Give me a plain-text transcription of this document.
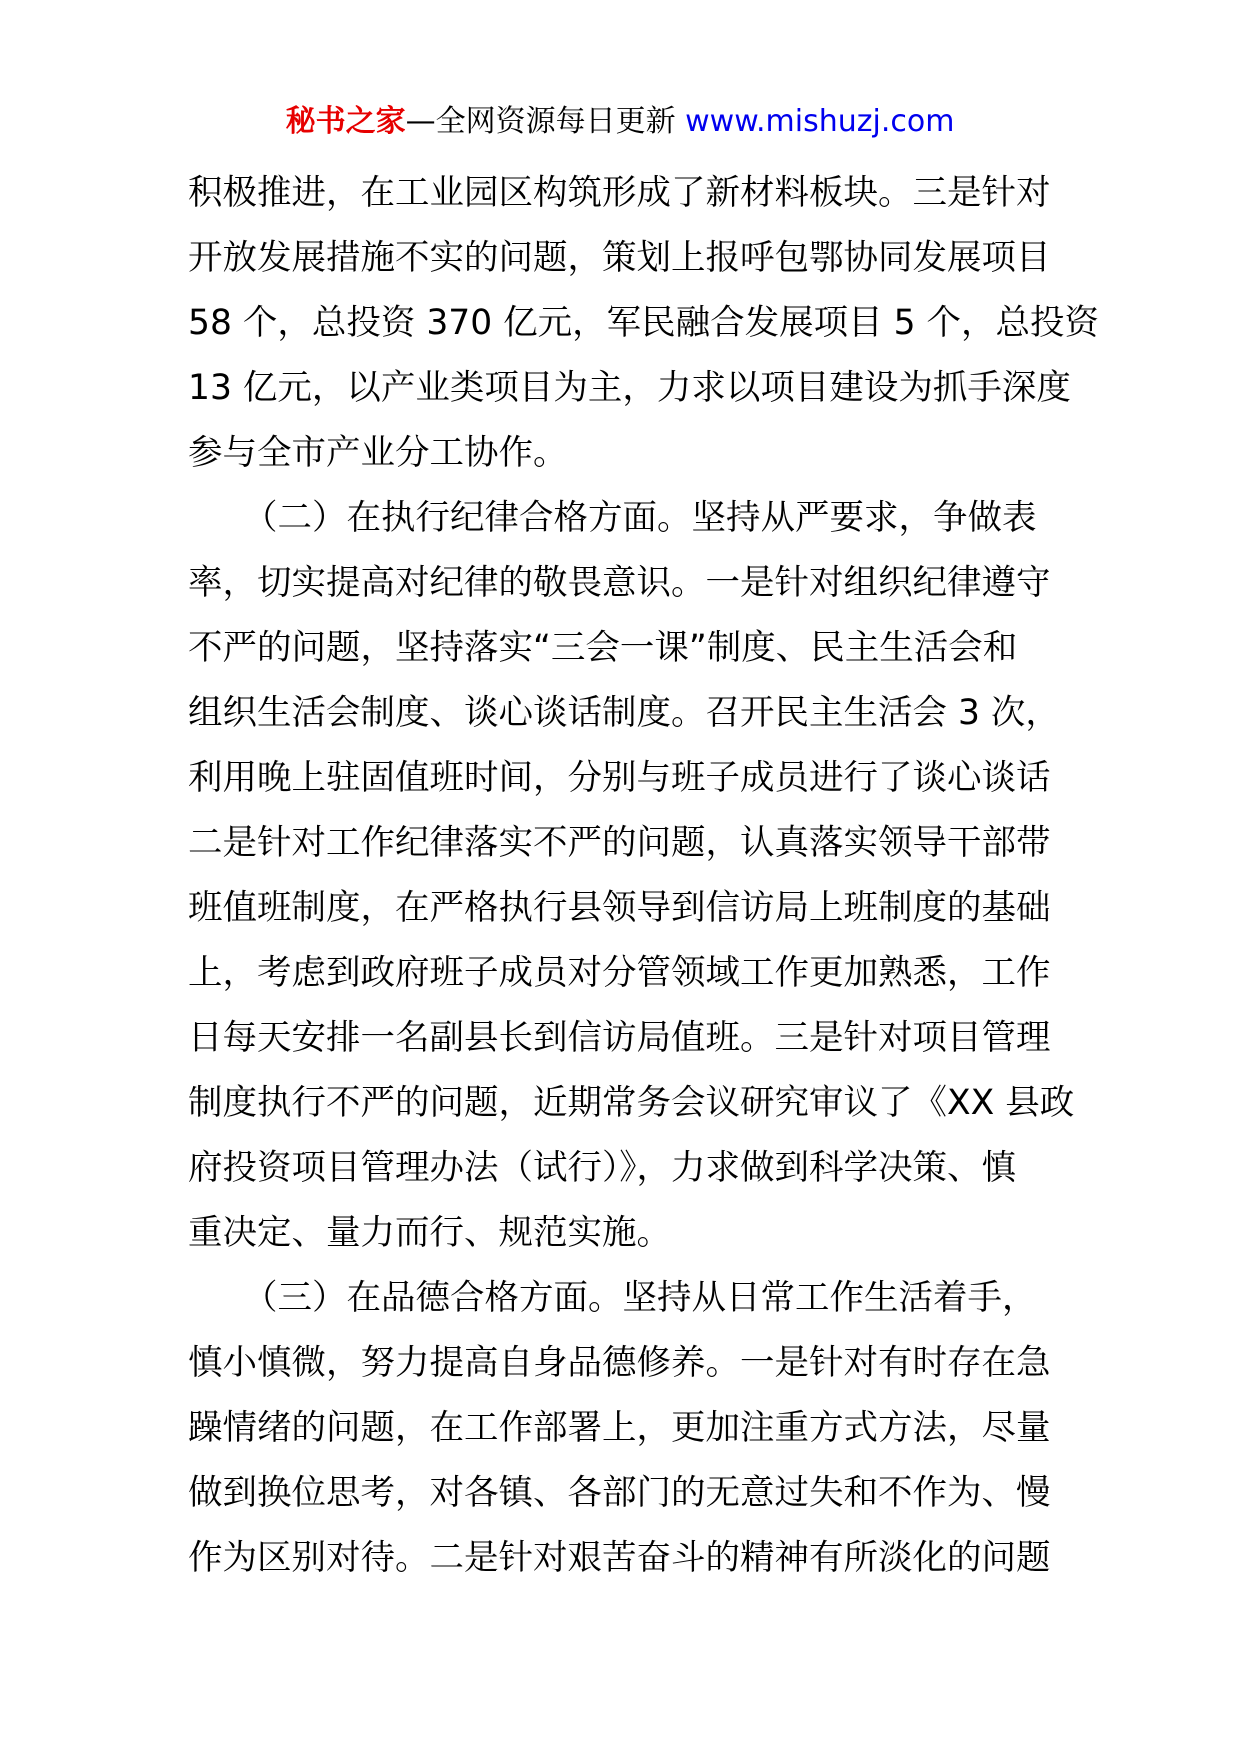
秘书之家—全网资源每日更新 www.mishuzj.com
积极推进，在工业园区构筑形成了新材料板块。三是针对
开放发展措施不实的问题，策划上报呼包鄂协同发展项目
58 个，总投资 370 亿元，军民融合发展项目 5 个，总投资
13 亿元，以产业类项目为主，力求以项目建设为抓手深度
参与全市产业分工协作。
（二）在执行纪律合格方面。坚持从严要求，争做表
率，切实提高对纪律的敬畏意识。一是针对组织纪律遵守
不严的问题，坚持落实“三会一课”制度、民主生活会和
组织生活会制度、谈心谈话制度。召开民主生活会 3 次，
利用晚上驻固值班时间，分别与班子成员进行了谈心谈话
二是针对工作纪律落实不严的问题，认真落实领导干部带
班值班制度，在严格执行县领导到信访局上班制度的基础
上，考虑到政府班子成员对分管领域工作更加熟悉，工作
日每天安排一名副县长到信访局值班。三是针对项目管理
制度执行不严的问题，近期常务会议研究审议了《XX 县政
府投资项目管理办法（试行）》，力求做到科学决策、慎
重决定、量力而行、规范实施。
（三）在品德合格方面。坚持从日常工作生活着手，
慎小慎微，努力提高自身品德修养。一是针对有时存在急
躁情绪的问题，在工作部署上，更加注重方式方法，尽量
做到换位思考，对各镇、各部门的无意过失和不作为、慢
作为区别对待。二是针对艰苦奋斗的精神有所淡化的问题
